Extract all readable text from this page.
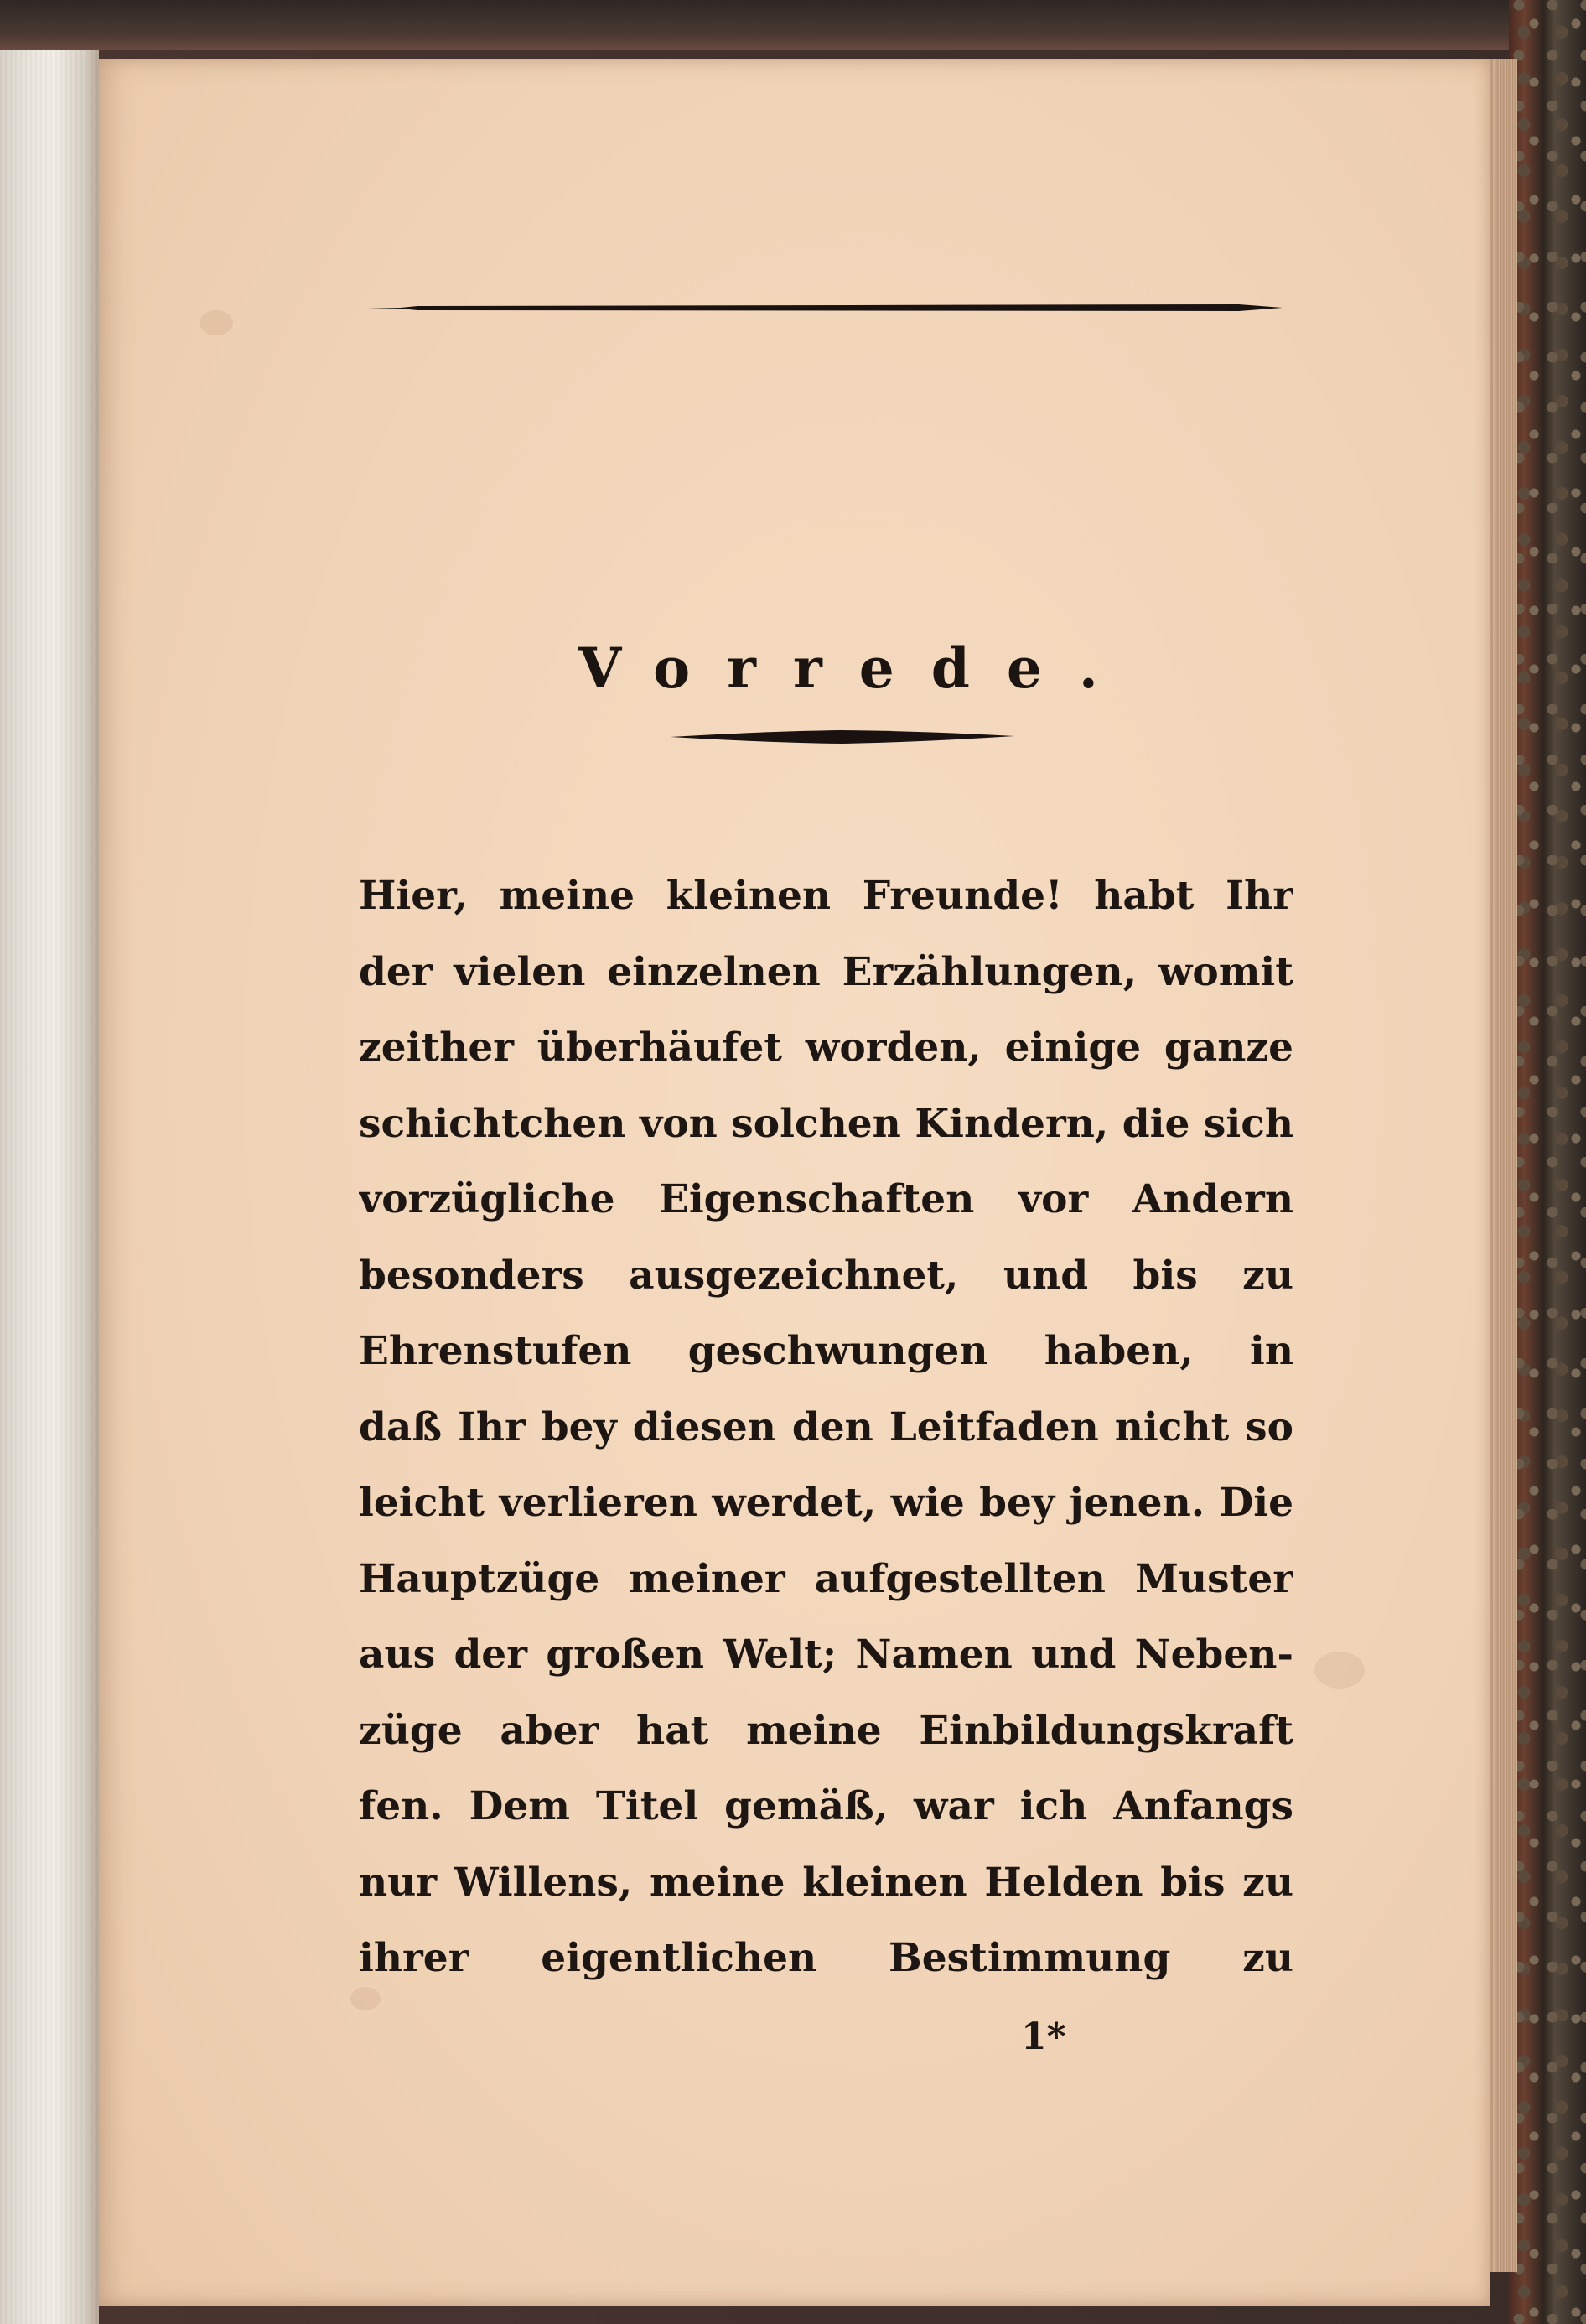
Vorrede.
Hier, meine kleinen Freunde! habt Ihr
der vielen einzelnen Erzählungen, womit
zeither überhäufet worden, einige ganze
schichtchen von solchen Kindern, die sich
vorzügliche Eigenschaften vor Andern
besonders ausgezeichnet, und bis zu
Ehrenstufen geschwungen haben, in
daß Ihr bey diesen den Leitfaden nicht so
leicht verlieren werdet, wie bey jenen. Die
Hauptzüge meiner aufgestellten Muster
aus der großen Welt; Namen und Neben-
züge aber hat meine Einbildungskraft
fen. Dem Titel gemäß, war ich Anfangs
nur Willens, meine kleinen Helden bis zu
ihrer eigentlichen Bestimmung zu
1*
